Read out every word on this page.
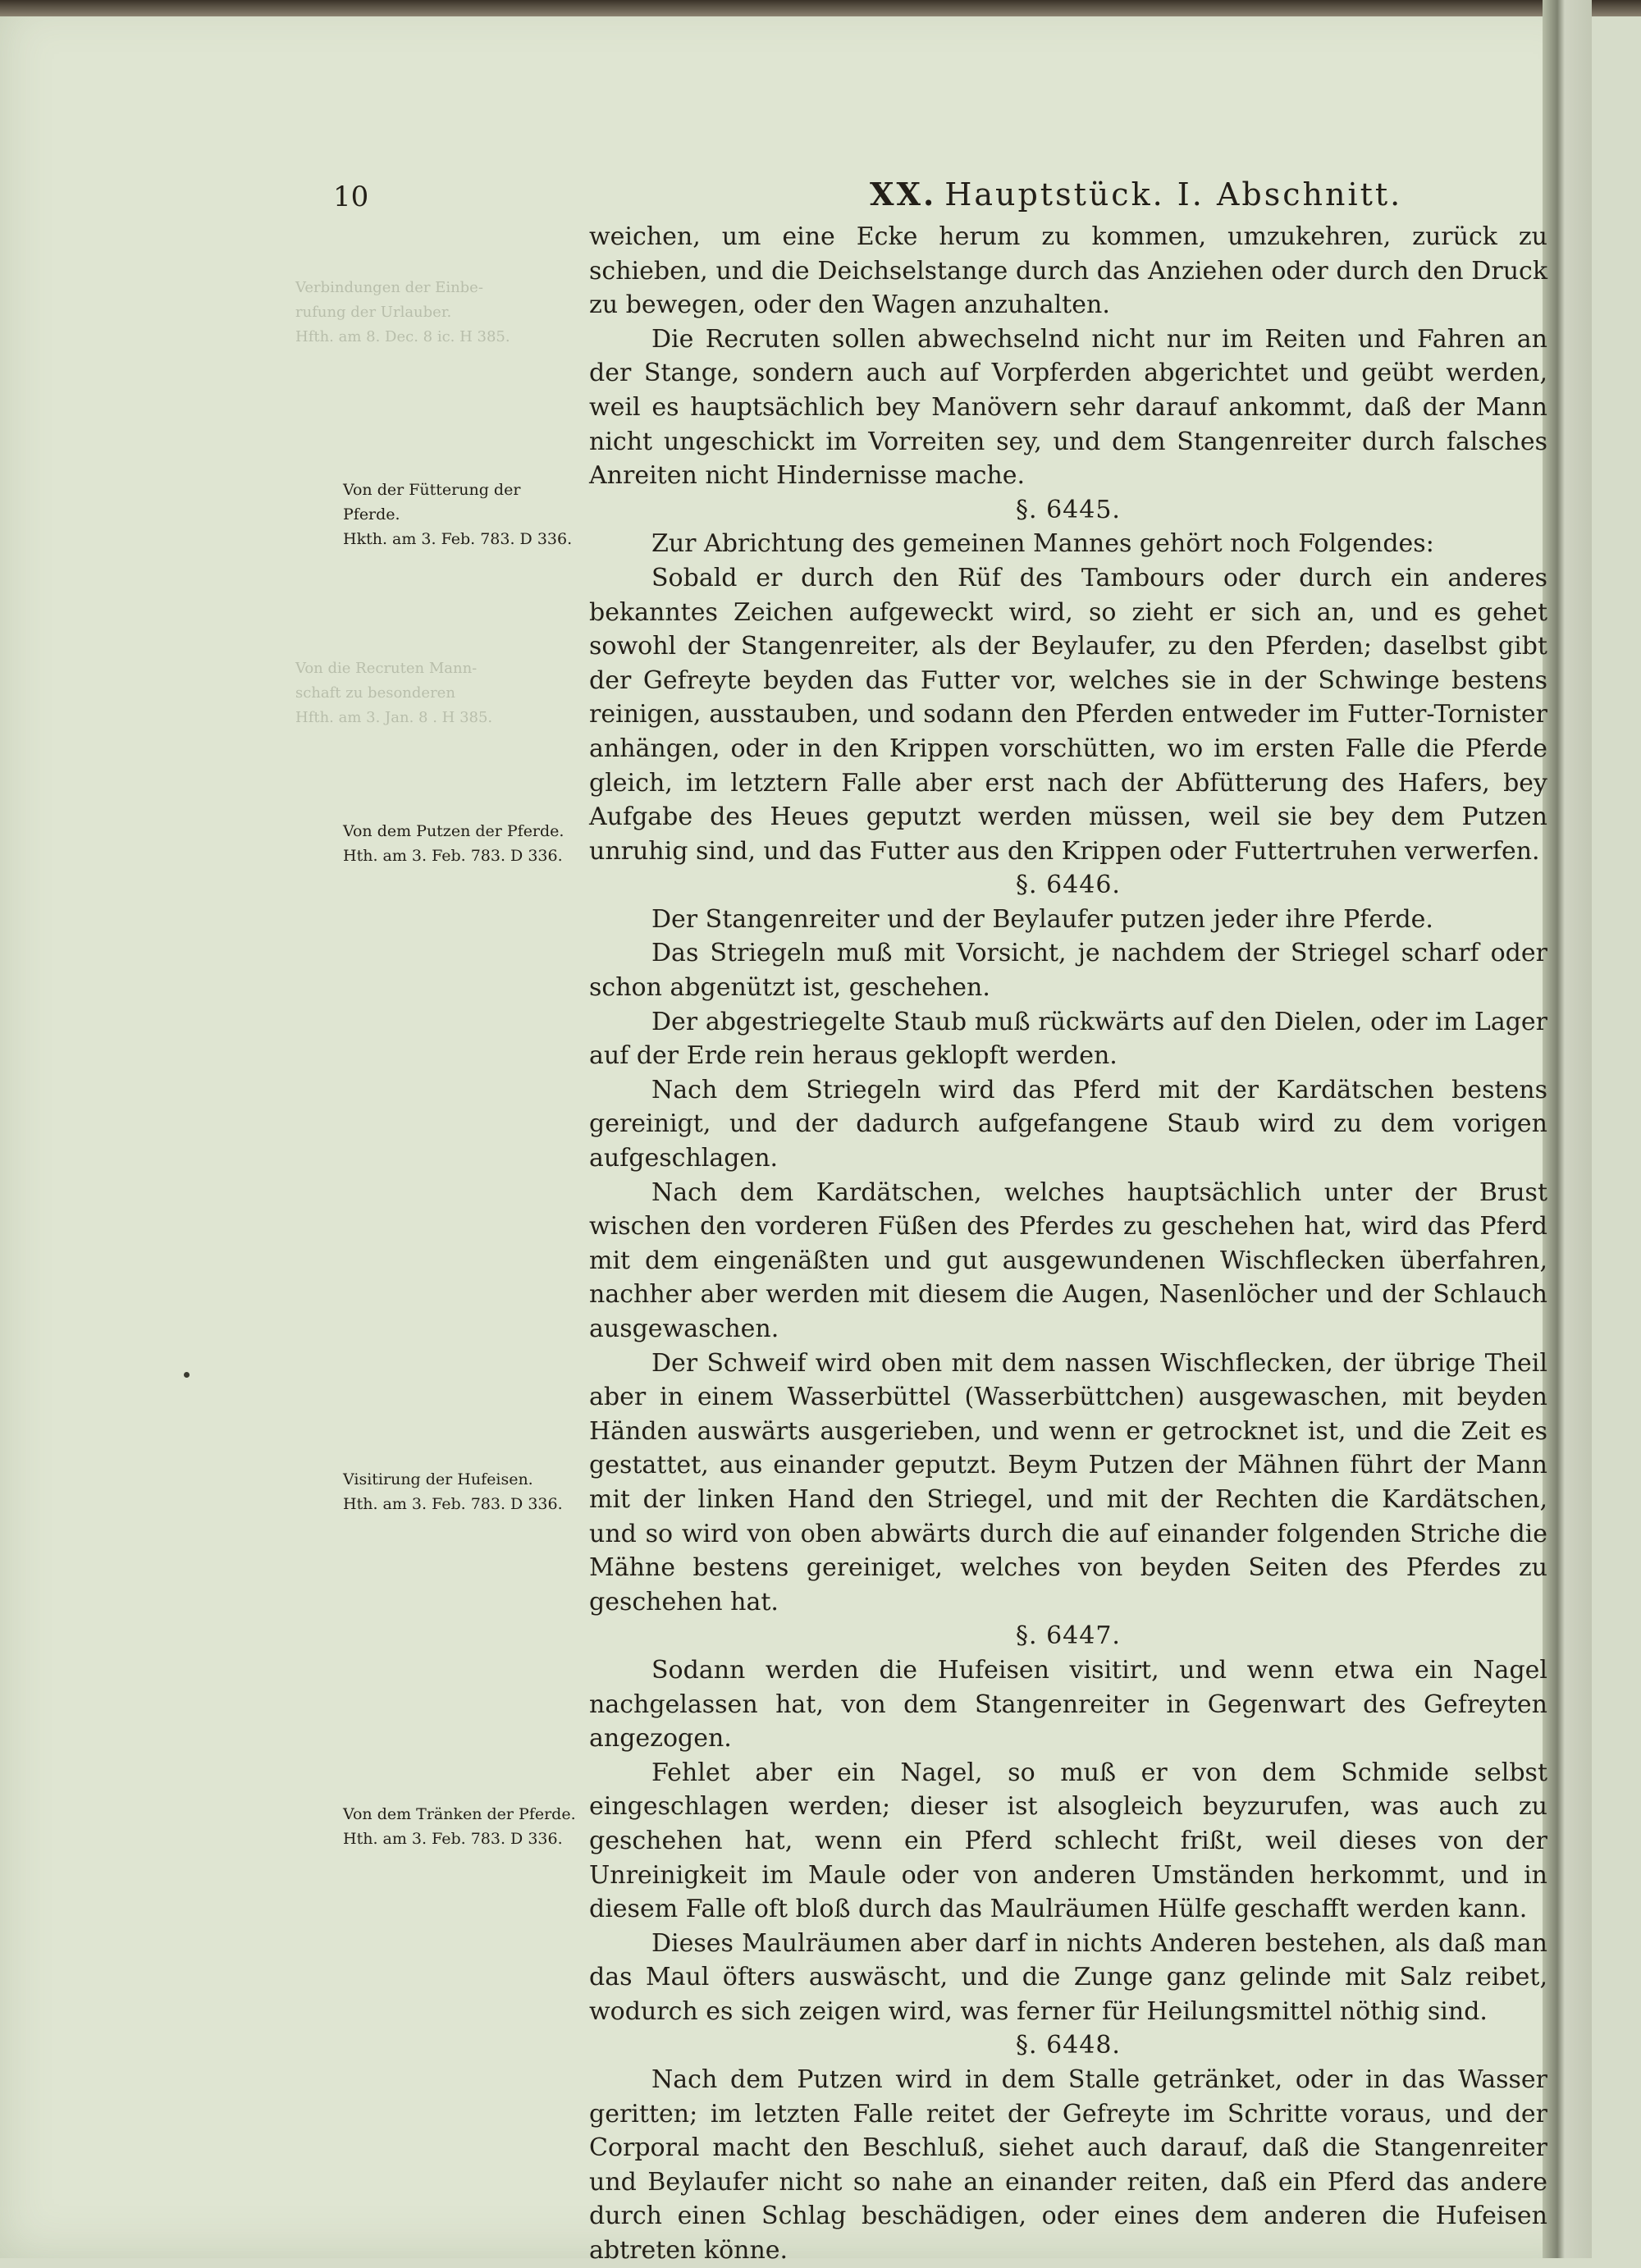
10	XX. Hauptstück. I. Abschnitt.
Verbindungen der Einbe-
rufung der Urlauber.
Hfth. am 8. Dec. 8 ic. H 385.
Von der Fütterung der
Pferde.
Hkth. am 3. Feb. 783. D 336.
Von die Recruten Mann-
schaft zu besonderen
Hfth. am 3. Jan. 8 . H 385.
Von dem Putzen der Pferde.
Hth. am 3. Feb. 783. D 336.
Visitirung der Hufeisen.
Hth. am 3. Feb. 783. D 336.
Von dem Tränken der Pferde.
Hth. am 3. Feb. 783. D 336.

weichen, um eine Ecke herum zu kommen, umzukehren, zurück zu schieben, und die Deichselstange durch das Anziehen oder durch den Druck zu bewegen, oder den Wagen anzuhalten.

Die Recruten sollen abwechselnd nicht nur im Reiten und Fahren an der Stange, sondern auch auf Vorpferden abgerichtet und geübt werden, weil es hauptsächlich bey Manövern sehr darauf ankommt, daß der Mann nicht ungeschickt im Vorreiten sey, und dem Stangenreiter durch falsches Anreiten nicht Hindernisse mache.

§. 6445.

Zur Abrichtung des gemeinen Mannes gehört noch Folgendes:

Sobald er durch den Rüf des Tambours oder durch ein anderes bekanntes Zeichen aufgeweckt wird, so zieht er sich an, und es gehet sowohl der Stangenreiter, als der Beylaufer, zu den Pferden; daselbst gibt der Gefreyte beyden das Futter vor, welches sie in der Schwinge bestens reinigen, ausstauben, und sodann den Pferden entweder im Futter-Tornister anhängen, oder in den Krippen vorschütten, wo im ersten Falle die Pferde gleich, im letztern Falle aber erst nach der Abfütterung des Hafers, bey Aufgabe des Heues geputzt werden müssen, weil sie bey dem Putzen unruhig sind, und das Futter aus den Krippen oder Futtertruhen verwerfen.

§. 6446.

Der Stangenreiter und der Beylaufer putzen jeder ihre Pferde.

Das Striegeln muß mit Vorsicht, je nachdem der Striegel scharf oder schon abgenützt ist, geschehen.

Der abgestriegelte Staub muß rückwärts auf den Dielen, oder im Lager auf der Erde rein heraus geklopft werden.

Nach dem Striegeln wird das Pferd mit der Kardätschen bestens gereinigt, und der dadurch aufgefangene Staub wird zu dem vorigen aufgeschlagen.

Nach dem Kardätschen, welches hauptsächlich unter der Brust wischen den vorderen Füßen des Pferdes zu geschehen hat, wird das Pferd mit dem eingenäßten und gut ausgewundenen Wischflecken überfahren, nachher aber werden mit diesem die Augen, Nasenlöcher und der Schlauch ausgewaschen.

Der Schweif wird oben mit dem nassen Wischflecken, der übrige Theil aber in einem Wasserbüttel (Wasserbüttchen) ausgewaschen, mit beyden Händen auswärts ausgerieben, und wenn er getrocknet ist, und die Zeit es gestattet, aus einander geputzt. Beym Putzen der Mähnen führt der Mann mit der linken Hand den Striegel, und mit der Rechten die Kardätschen, und so wird von oben abwärts durch die auf einander folgenden Striche die Mähne bestens gereiniget, welches von beyden Seiten des Pferdes zu geschehen hat.

§. 6447.

Sodann werden die Hufeisen visitirt, und wenn etwa ein Nagel nachgelassen hat, von dem Stangenreiter in Gegenwart des Gefreyten angezogen.

Fehlet aber ein Nagel, so muß er von dem Schmide selbst eingeschlagen werden; dieser ist alsogleich beyzurufen, was auch zu geschehen hat, wenn ein Pferd schlecht frißt, weil dieses von der Unreinigkeit im Maule oder von anderen Umständen herkommt, und in diesem Falle oft bloß durch das Maulräumen Hülfe geschafft werden kann.

Dieses Maulräumen aber darf in nichts Anderen bestehen, als daß man das Maul öfters auswäscht, und die Zunge ganz gelinde mit Salz reibet, wodurch es sich zeigen wird, was ferner für Heilungsmittel nöthig sind.

§. 6448.

Nach dem Putzen wird in dem Stalle getränket, oder in das Wasser geritten; im letzten Falle reitet der Gefreyte im Schritte voraus, und der Corporal macht den Beschluß, siehet auch darauf, daß die Stangenreiter und Beylaufer nicht so nahe an einander reiten, daß ein Pferd das andere durch einen Schlag beschädigen, oder eines dem anderen die Hufeisen abtreten könne.
